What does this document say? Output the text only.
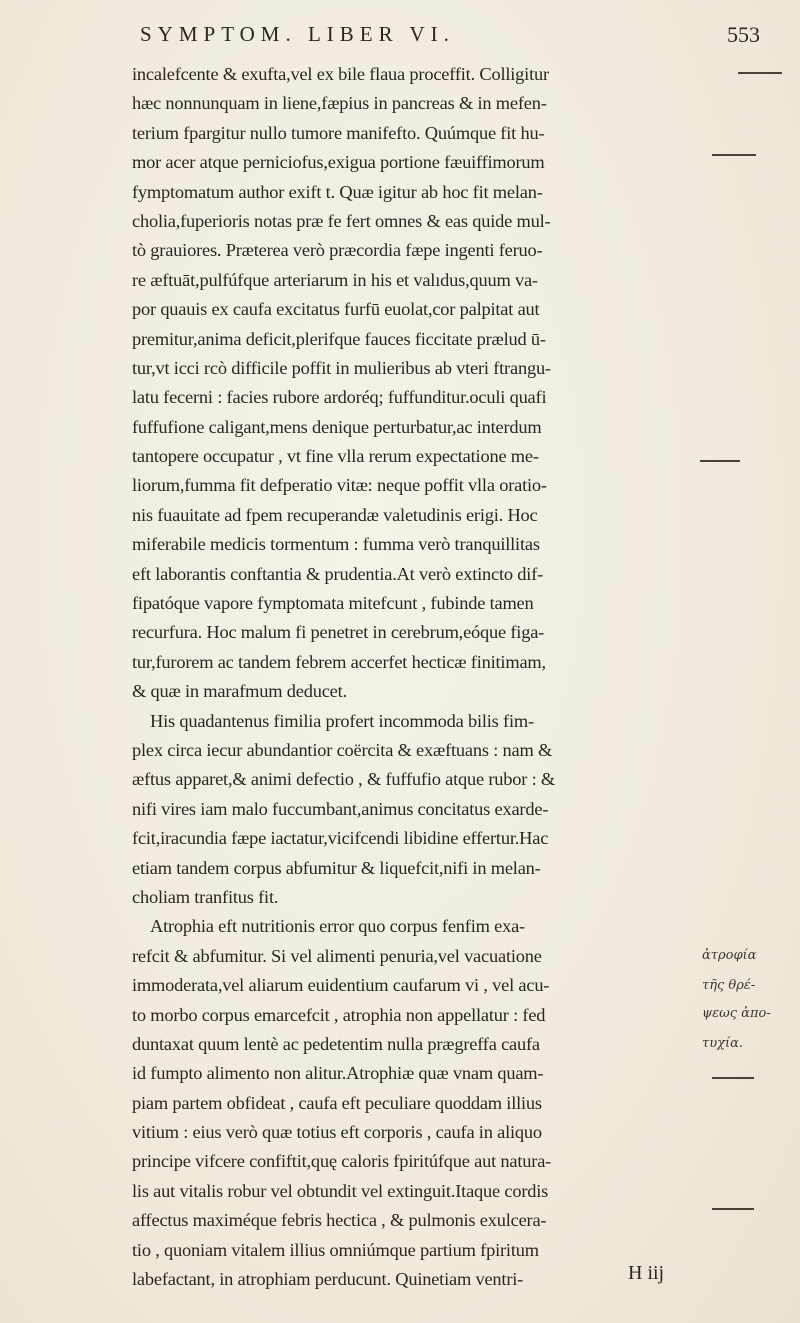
SYMPTOM. LIBER VI.	553
incalefcente & exufta,vel ex bile flaua proceffit. Colligitur
hæc nonnunquam in liene,fæpius in pancreas & in mefen-
terium fpargitur nullo tumore manifefto. Quúmque fit hu-
mor acer atque perniciofus,exigua portione fæuiffimorum
fymptomatum author exift t. Quæ igitur ab hoc fit melan-
cholia,fuperioris notas præ fe fert omnes & eas quide mul-
tò grauiores. Præterea verò præcordia fæpe ingenti feruo-
re æftuāt,pulfúfque arteriarum in his et valıdus,quum va-
por quauis ex caufa excitatus furfū euolat,cor palpitat aut
premitur,anima deficit,plerifque fauces ficcitate prælud ū-
tur,vt icci rcò difficile poffit in mulieribus ab vteri ftrangu-
latu fecerni : facies rubore ardoréq; fuffunditur.oculi quafi
fuffufione caligant,mens denique perturbatur,ac interdum
tantopere occupatur , vt fine vlla rerum expectatione me-
liorum,fumma fit defperatio vitæ: neque poffit vlla oratio-
nis fuauitate ad fpem recuperandæ valetudinis erigi. Hoc
miferabile medicis tormentum : fumma verò tranquillitas
eft laborantis conftantia & prudentia.At verò extincto dif-
fipatóque vapore fymptomata mitefcunt , fubinde tamen
recurfura. Hoc malum fi penetret in cerebrum,eóque figa-
tur,furorem ac tandem febrem accerfet hecticæ finitimam,
& quæ in marafmum deducet.
His quadantenus fimilia profert incommoda bilis fim-
plex circa iecur abundantior coërcita & exæftuans : nam &
æftus apparet,& animi defectio , & fuffufio atque rubor : &
nifi vires iam malo fuccumbant,animus concitatus exarde-
fcit,iracundia fæpe iactatur,vicifcendi libidine effertur.Hac
etiam tandem corpus abfumitur & liquefcit,nifi in melan-
choliam tranfitus fit.
Atrophia eft nutritionis error quo corpus fenfim exa-
refcit & abfumitur. Si vel alimenti penuria,vel vacuatione
immoderata,vel aliarum euidentium caufarum vi , vel acu-
to morbo corpus emarcefcit , atrophia non appellatur : fed
duntaxat quum lentè ac pedetentim nulla prægreffa caufa
id fumpto alimento non alitur.Atrophiæ quæ vnam quam-
piam partem obfideat , caufa eft peculiare quoddam illius
vitium : eius verò quæ totius eft corporis , caufa in aliquo
principe vifcere confiftit,quę caloris fpiritúfque aut natura-
lis aut vitalis robur vel obtundit vel extinguit.Itaque cordis
affectus maximéque febris hectica , & pulmonis exulcera-
tio , quoniam vitalem illius omniúmque partium fpiritum
labefactant, in atrophiam perducunt. Quinetiam ventri-
ἀτροφία
τῆς θρέ-
ψεως ἀπο-
τυχία.
H iij
